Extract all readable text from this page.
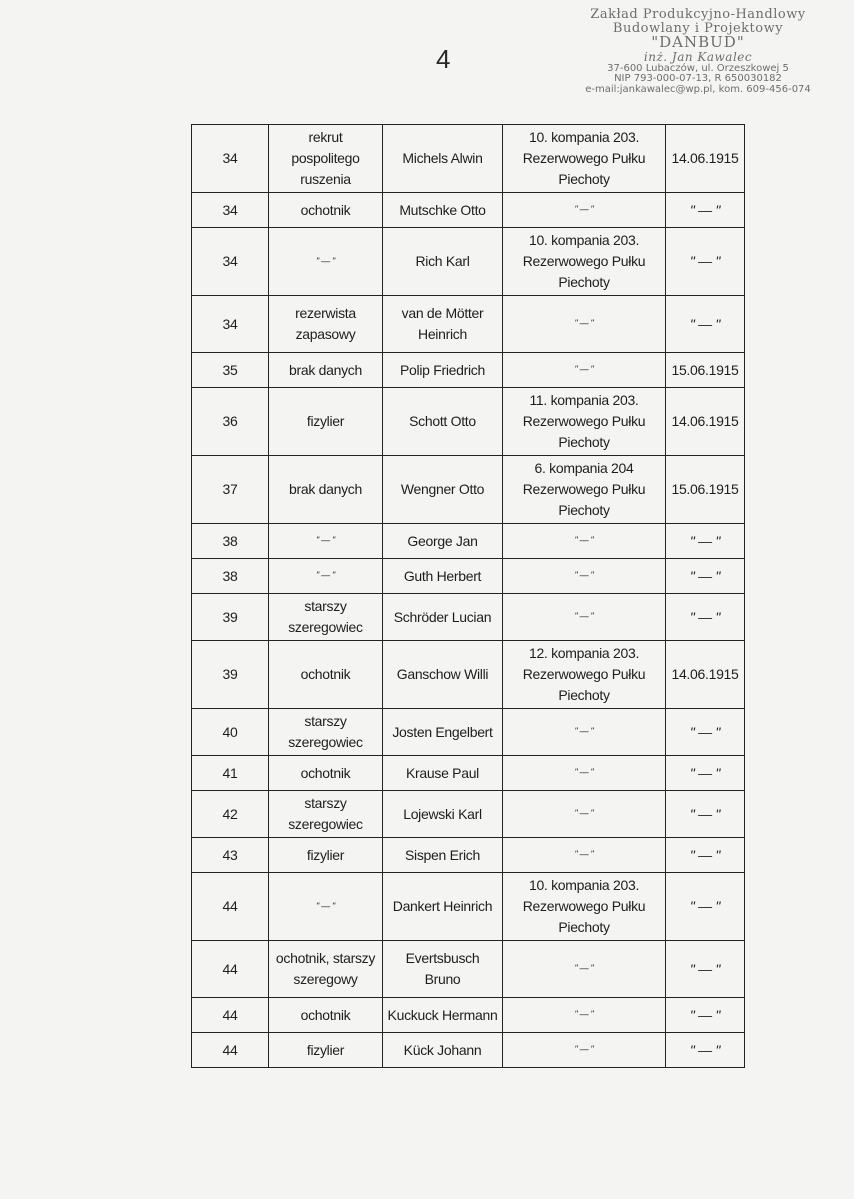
4
Zakład Produkcyjno-Handlowy
Budowlany i Projektowy
"DANBUD"
inż. Jan Kawalec
37-600 Lubaczów, ul. Orzeszkowej 5
NIP 793-000-07-13, R 650030182
e-mail:jankawalec@wp.pl, kom. 609-456-074
34	rekrut pospolitego ruszenia	Michels Alwin	10. kompania 203. Rezerwowego Pułku Piechoty	14.06.1915
34	ochotnik	Mutschke Otto	" — "	" — "
34	" — "	Rich Karl	10. kompania 203. Rezerwowego Pułku Piechoty	" — "
34	rezerwista zapasowy	van de Mötter Heinrich	" — "	" — "
35	brak danych	Polip Friedrich	" — "	15.06.1915
36	fizylier	Schott Otto	11. kompania 203. Rezerwowego Pułku Piechoty	14.06.1915
37	brak danych	Wengner Otto	6. kompania 204 Rezerwowego Pułku Piechoty	15.06.1915
38	" — "	George Jan	" — "	" — "
38	" — "	Guth Herbert	" — "	" — "
39	starszy szeregowiec	Schröder Lucian	" — "	" — "
39	ochotnik	Ganschow Willi	12. kompania 203. Rezerwowego Pułku Piechoty	14.06.1915
40	starszy szeregowiec	Josten Engelbert	" — "	" — "
41	ochotnik	Krause Paul	" — "	" — "
42	starszy szeregowiec	Lojewski Karl	" — "	" — "
43	fizylier	Sispen Erich	" — "	" — "
44	" — "	Dankert Heinrich	10. kompania 203. Rezerwowego Pułku Piechoty	" — "
44	ochotnik, starszy szeregowy	Evertsbusch Bruno	" — "	" — "
44	ochotnik	Kuckuck Hermann	" — "	" — "
44	fizylier	Kück Johann	" — "	" — "
